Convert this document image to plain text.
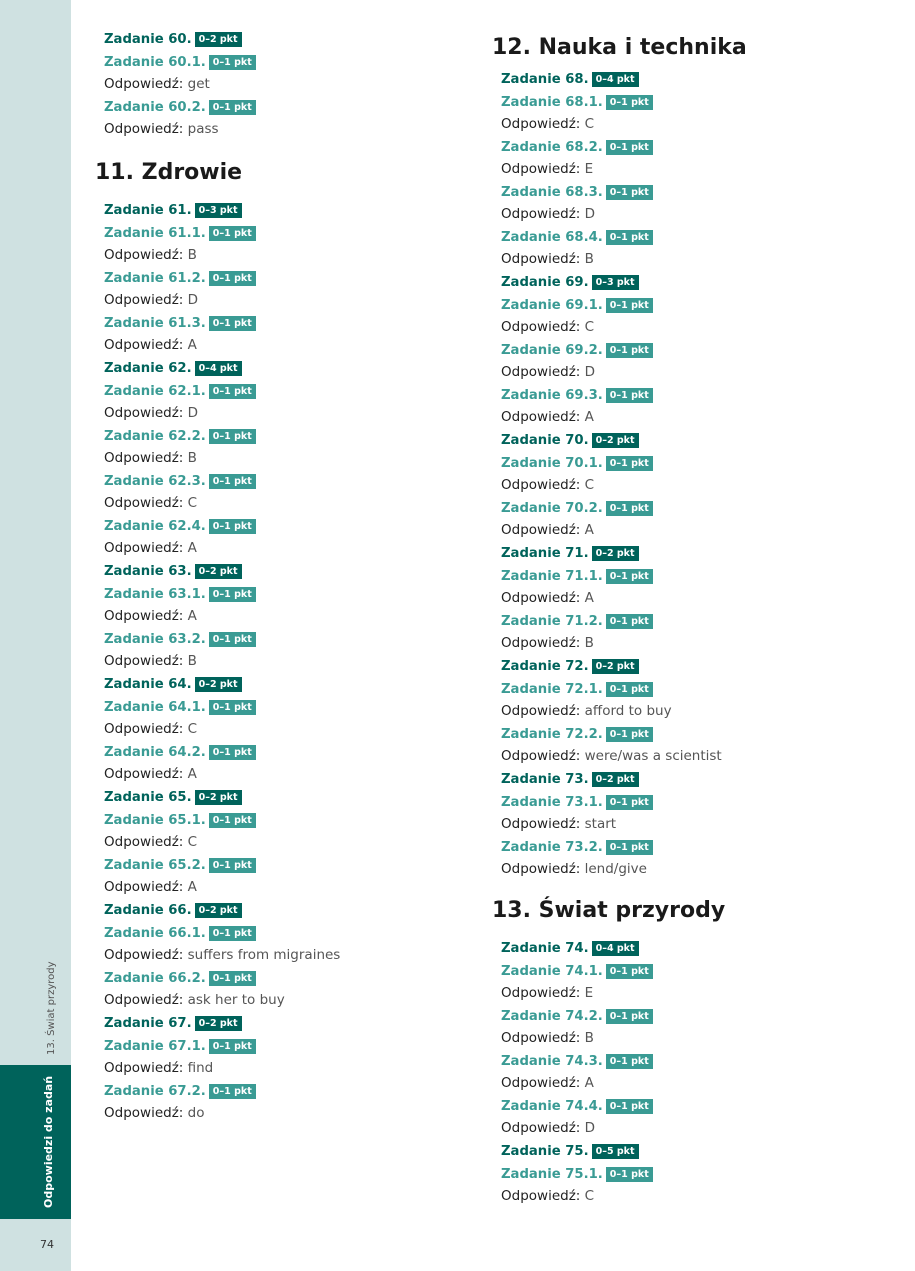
13. Świat przyrody
Odpowiedzi do zadań
74
Zadanie 60. 0–2 pkt
Zadanie 60.1. 0–1 pkt
Odpowiedź: get
Zadanie 60.2. 0–1 pkt
Odpowiedź: pass
11. Zdrowie
Zadanie 61. 0–3 pkt
Zadanie 61.1. 0–1 pkt
Odpowiedź: B
Zadanie 61.2. 0–1 pkt
Odpowiedź: D
Zadanie 61.3. 0–1 pkt
Odpowiedź: A
Zadanie 62. 0–4 pkt
Zadanie 62.1. 0–1 pkt
Odpowiedź: D
Zadanie 62.2. 0–1 pkt
Odpowiedź: B
Zadanie 62.3. 0–1 pkt
Odpowiedź: C
Zadanie 62.4. 0–1 pkt
Odpowiedź: A
Zadanie 63. 0–2 pkt
Zadanie 63.1. 0–1 pkt
Odpowiedź: A
Zadanie 63.2. 0–1 pkt
Odpowiedź: B
Zadanie 64. 0–2 pkt
Zadanie 64.1. 0–1 pkt
Odpowiedź: C
Zadanie 64.2. 0–1 pkt
Odpowiedź: A
Zadanie 65. 0–2 pkt
Zadanie 65.1. 0–1 pkt
Odpowiedź: C
Zadanie 65.2. 0–1 pkt
Odpowiedź: A
Zadanie 66. 0–2 pkt
Zadanie 66.1. 0–1 pkt
Odpowiedź: suffers from migraines
Zadanie 66.2. 0–1 pkt
Odpowiedź: ask her to buy
Zadanie 67. 0–2 pkt
Zadanie 67.1. 0–1 pkt
Odpowiedź: find
Zadanie 67.2. 0–1 pkt
Odpowiedź: do
12. Nauka i technika
Zadanie 68. 0–4 pkt
Zadanie 68.1. 0–1 pkt
Odpowiedź: C
Zadanie 68.2. 0–1 pkt
Odpowiedź: E
Zadanie 68.3. 0–1 pkt
Odpowiedź: D
Zadanie 68.4. 0–1 pkt
Odpowiedź: B
Zadanie 69. 0–3 pkt
Zadanie 69.1. 0–1 pkt
Odpowiedź: C
Zadanie 69.2. 0–1 pkt
Odpowiedź: D
Zadanie 69.3. 0–1 pkt
Odpowiedź: A
Zadanie 70. 0–2 pkt
Zadanie 70.1. 0–1 pkt
Odpowiedź: C
Zadanie 70.2. 0–1 pkt
Odpowiedź: A
Zadanie 71. 0–2 pkt
Zadanie 71.1. 0–1 pkt
Odpowiedź: A
Zadanie 71.2. 0–1 pkt
Odpowiedź: B
Zadanie 72. 0–2 pkt
Zadanie 72.1. 0–1 pkt
Odpowiedź: afford to buy
Zadanie 72.2. 0–1 pkt
Odpowiedź: were/was a scientist
Zadanie 73. 0–2 pkt
Zadanie 73.1. 0–1 pkt
Odpowiedź: start
Zadanie 73.2. 0–1 pkt
Odpowiedź: lend/give
13. Świat przyrody
Zadanie 74. 0–4 pkt
Zadanie 74.1. 0–1 pkt
Odpowiedź: E
Zadanie 74.2. 0–1 pkt
Odpowiedź: B
Zadanie 74.3. 0–1 pkt
Odpowiedź: A
Zadanie 74.4. 0–1 pkt
Odpowiedź: D
Zadanie 75. 0–5 pkt
Zadanie 75.1. 0–1 pkt
Odpowiedź: C
